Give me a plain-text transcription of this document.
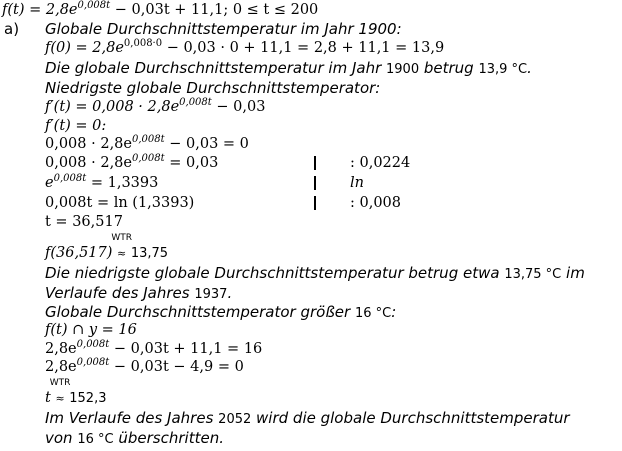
$f(t) = 2,8e^{0,008t} - 0,03t + 11,1$; 0 ≤ t ≤ 200
a) Globale Durchschnittstemperatur im Jahr 1900:
$f(0) = 2,8e^{0,008\cdot 0} - 0,03 \cdot 0 + 11,1 = 2,8 + 11,1 = 13,9$
Die globale Durchschnittstemperatur im Jahr 1900 betrug 13,9 °C.
Niedrigste globale Durchschnittstemperator:
$f'(t) = 0,008 \cdot 2,8e^{0,008t} - 0,03$
f′(t) = 0:
$0,008 \cdot 2,8e^{0,008t} - 0,03 = 0$
$0,008 \cdot 2,8e^{0,008t} = 0,03$	: 0,0224
$e^{0,008t} = 1,3393$	ln
0,008t = ln (1,3393)	: 0,008
t = 36,517
f(36,517)
WTR
≈ 13,75
Die niedrigste globale Durchschnittstemperatur betrug etwa 13,75 °C im
Verlaufe des Jahres 1937.
Globale Durchschnittstemperator größer 16 °C:
f(t) ∩ y = 16
$2,8e^{0,008t} - 0,03t + 11,1 = 16$
$2,8e^{0,008t} - 0,03t - 4,9 = 0$
t
WTR
≈ 152,3
Im Verlaufe des Jahres 2052 wird die globale Durchschnittstemperatur
von 16 °C überschritten.
